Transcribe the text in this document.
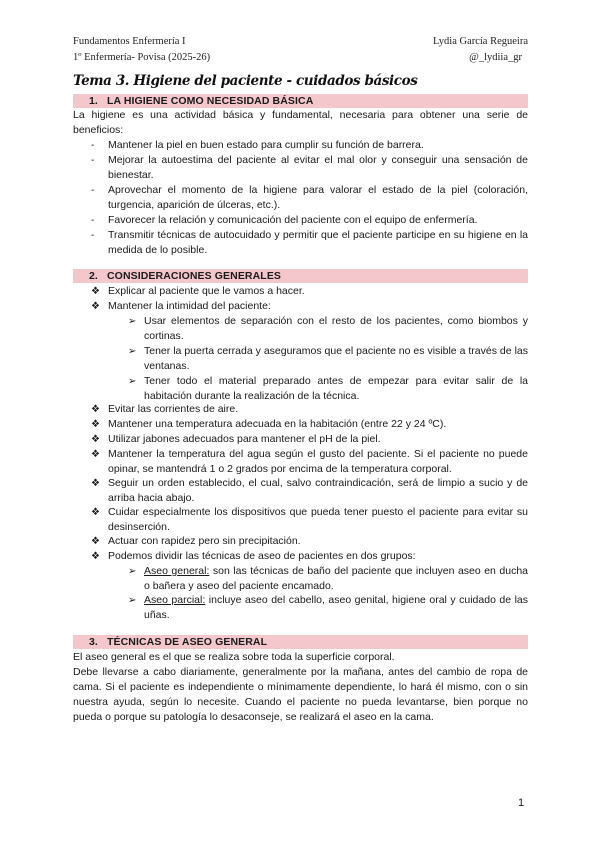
Fundamentos Enfermería I
1º Enfermería- Povisa (2025-26)
Lydia García Regueira
@_lydiia_gr
Tema 3. Higiene del paciente - cuidados básicos
1. LA HIGIENE COMO NECESIDAD BÁSICA
La higiene es una actividad básica y fundamental, necesaria para obtener una serie de beneficios:
- Mantener la piel en buen estado para cumplir su función de barrera.
- Mejorar la autoestima del paciente al evitar el mal olor y conseguir una sensación de bienestar.
- Aprovechar el momento de la higiene para valorar el estado de la piel (coloración, turgencia, aparición de úlceras, etc.).
- Favorecer la relación y comunicación del paciente con el equipo de enfermería.
- Transmitir técnicas de autocuidado y permitir que el paciente participe en su higiene en la medida de lo posible.
2. CONSIDERACIONES GENERALES
❖ Explicar al paciente que le vamos a hacer.
❖ Mantener la intimidad del paciente:
➢ Usar elementos de separación con el resto de los pacientes, como biombos y cortinas.
➢ Tener la puerta cerrada y aseguramos que el paciente no es visible a través de las ventanas.
➢ Tener todo el material preparado antes de empezar para evitar salir de la habitación durante la realización de la técnica.
❖ Evitar las corrientes de aire.
❖ Mantener una temperatura adecuada en la habitación (entre 22 y 24 ºC).
❖ Utilizar jabones adecuados para mantener el pH de la piel.
❖ Mantener la temperatura del agua según el gusto del paciente. Si el paciente no puede opinar, se mantendrá 1 o 2 grados por encima de la temperatura corporal.
❖ Seguir un orden establecido, el cual, salvo contraindicación, será de limpio a sucio y de arriba hacia abajo.
❖ Cuidar especialmente los dispositivos que pueda tener puesto el paciente para evitar su desinserción.
❖ Actuar con rapidez pero sin precipitación.
❖ Podemos dividir las técnicas de aseo de pacientes en dos grupos:
➢ Aseo general: son las técnicas de baño del paciente que incluyen aseo en ducha o bañera y aseo del paciente encamado.
➢ Aseo parcial: incluye aseo del cabello, aseo genital, higiene oral y cuidado de las uñas.
3. TÉCNICAS DE ASEO GENERAL
El aseo general es el que se realiza sobre toda la superficie corporal.
Debe llevarse a cabo diariamente, generalmente por la mañana, antes del cambio de ropa de cama. Si el paciente es independiente o mínimamente dependiente, lo hará él mismo, con o sin nuestra ayuda, según lo necesite. Cuando el paciente no pueda levantarse, bien porque no pueda o porque su patología lo desaconseje, se realizará el aseo en la cama.
1
